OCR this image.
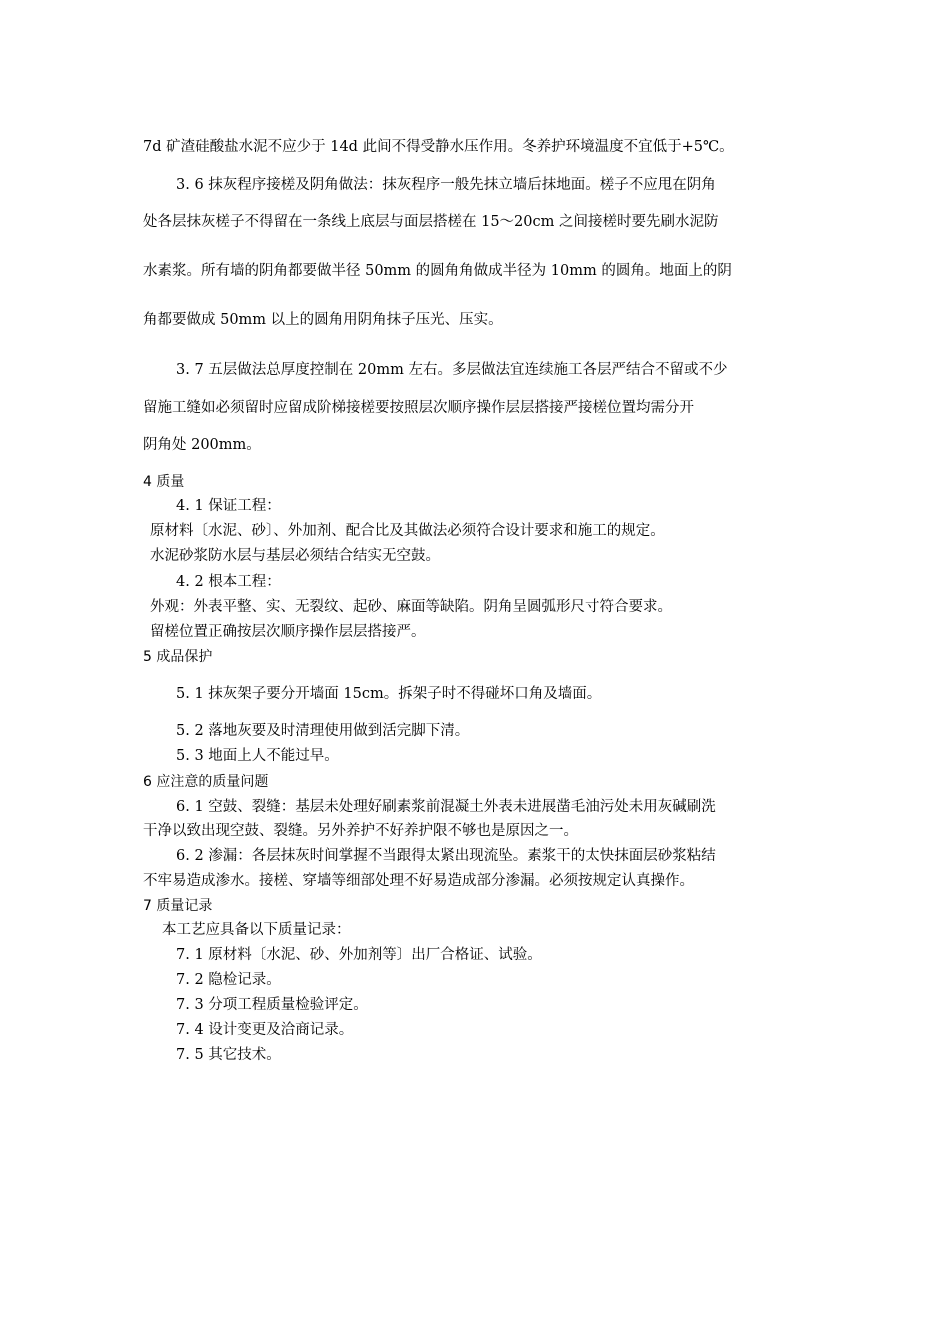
7d 矿渣硅酸盐水泥不应少于 14d 此间不得受静水压作用。冬养护环境温度不宜低于+5℃。
3. 6 抹灰程序接槎及阴角做法：抹灰程序一般先抹立墙后抹地面。槎子不应甩在阴角
处各层抹灰槎子不得留在一条线上底层与面层搭槎在 15～20cm 之间接槎时要先刷水泥防
水素浆。所有墙的阴角都要做半径 50mm 的圆角角做成半径为 10mm 的圆角。地面上的阴
角都要做成 50mm 以上的圆角用阴角抹子压光、压实。
3. 7 五层做法总厚度控制在 20mm 左右。多层做法宜连续施工各层严结合不留或不少
留施工缝如必须留时应留成阶梯接槎要按照层次顺序操作层层搭接严接槎位置均需分开
阴角处 200mm。
4 质量
4. 1 保证工程：
原材料〔水泥、砂〕、外加剂、配合比及其做法必须符合设计要求和施工的规定。
水泥砂浆防水层与基层必须结合结实无空鼓。
4. 2 根本工程：
外观：外表平整、实、无裂纹、起砂、麻面等缺陷。阴角呈圆弧形尺寸符合要求。
留槎位置正确按层次顺序操作层层搭接严。
5 成品保护
5. 1 抹灰架子要分开墙面 15cm。拆架子时不得碰坏口角及墙面。
5. 2 落地灰要及时清理使用做到活完脚下清。
5. 3 地面上人不能过早。
6 应注意的质量问题
6. 1 空鼓、裂缝：基层未处理好刷素浆前混凝土外表未进展凿毛油污处未用灰碱刷洗
干净以致出现空鼓、裂缝。另外养护不好养护限不够也是原因之一。
6. 2 渗漏：各层抹灰时间掌握不当跟得太紧出现流坠。素浆干的太快抹面层砂浆粘结
不牢易造成渗水。接槎、穿墙等细部处理不好易造成部分渗漏。必须按规定认真操作。
7 质量记录
本工艺应具备以下质量记录：
7. 1 原材料〔水泥、砂、外加剂等〕出厂合格证、试验。
7. 2 隐检记录。
7. 3 分项工程质量检验评定。
7. 4 设计变更及洽商记录。
7. 5 其它技术。
